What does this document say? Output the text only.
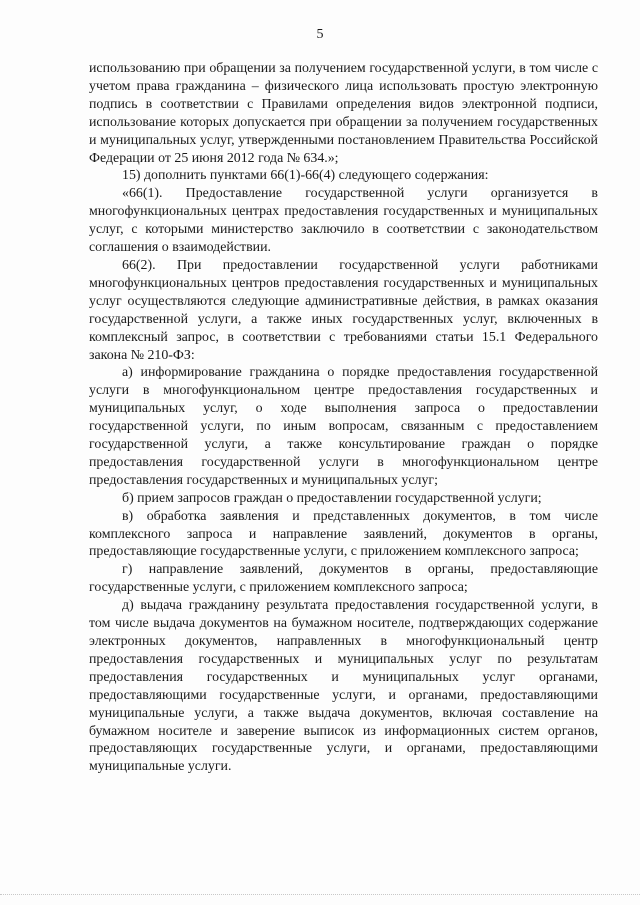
5

использованию при обращении за получением государственной услуги, в том числе с учетом права гражданина – физического лица использовать простую электронную подпись в соответствии с Правилами определения видов электронной подписи, использование которых допускается при обращении за получением государственных и муниципальных услуг, утвержденными постановлением Правительства Российской Федерации от 25 июня 2012 года № 634.»;

15) дополнить пунктами 66(1)-66(4) следующего содержания:

«66(1). Предоставление государственной услуги организуется в многофункциональных центрах предоставления государственных и муниципальных услуг, с которыми министерство заключило в соответствии с законодательством соглашения о взаимодействии.

66(2). При предоставлении государственной услуги работниками многофункциональных центров предоставления государственных и муниципальных услуг осуществляются следующие административные действия, в рамках оказания государственной услуги, а также иных государственных услуг, включенных в комплексный запрос, в соответствии с требованиями статьи 15.1 Федерального закона № 210-ФЗ:

а) информирование гражданина о порядке предоставления государственной услуги в многофункциональном центре предоставления государственных и муниципальных услуг, о ходе выполнения запроса о предоставлении государственной услуги, по иным вопросам, связанным с предоставлением государственной услуги, а также консультирование граждан о порядке предоставления государственной услуги в многофункциональном центре предоставления государственных и муниципальных услуг;

б) прием запросов граждан о предоставлении государственной услуги;

в) обработка заявления и представленных документов, в том числе комплексного запроса и направление заявлений, документов в органы, предоставляющие государственные услуги, с приложением комплексного запроса;

г) направление заявлений, документов в органы, предоставляющие государственные услуги, с приложением комплексного запроса;

д) выдача гражданину результата предоставления государственной услуги, в том числе выдача документов на бумажном носителе, подтверждающих содержание электронных документов, направленных в многофункциональный центр предоставления государственных и муниципальных услуг по результатам предоставления государственных и муниципальных услуг органами, предоставляющими государственные услуги, и органами, предоставляющими муниципальные услуги, а также выдача документов, включая составление на бумажном носителе и заверение выписок из информационных систем органов, предоставляющих государственные услуги, и органами, предоставляющими муниципальные услуги.
